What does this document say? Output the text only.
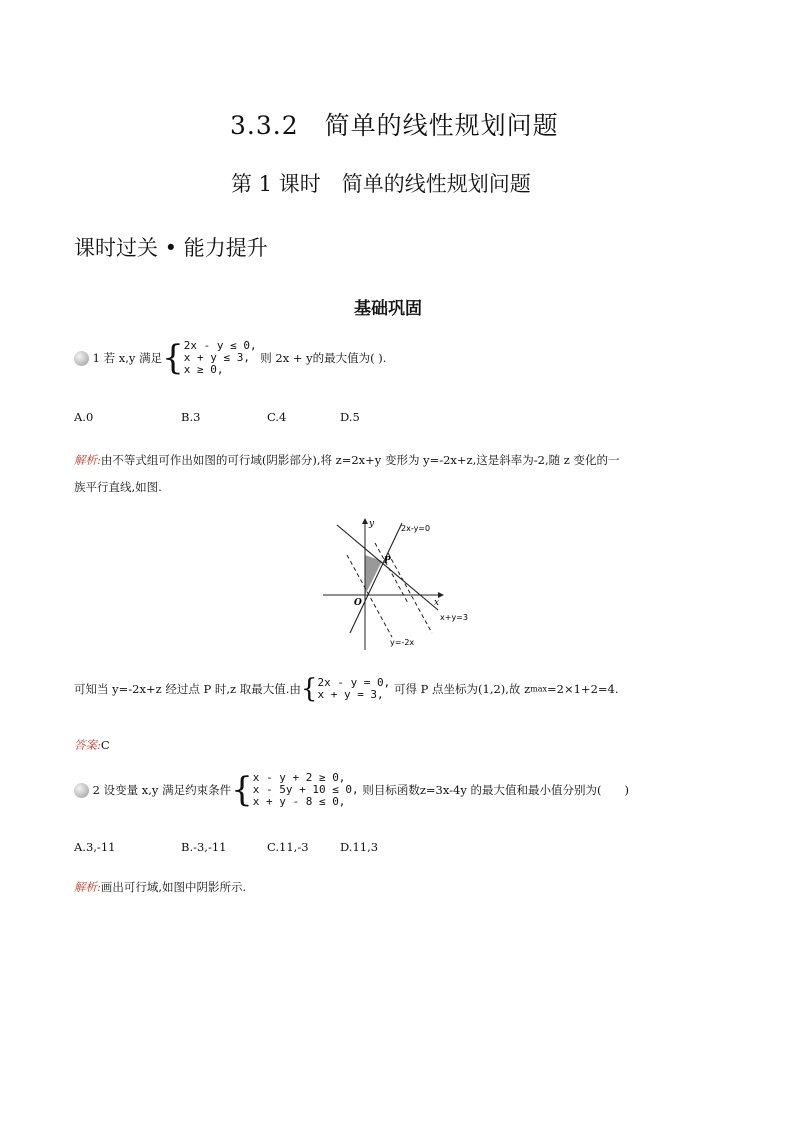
3.3.2　简单的线性规划问题
第 1 课时　简单的线性规划问题
课时过关 • 能力提升
基础巩固
1 若 x,y 满足{2x - y ≤ 0,
x + y ≤ 3,
x ≥ 0, 则 2x + y的最大值为( ).
A.0	B.3	C.4	D.5
解析:由不等式组可作出如图的可行域(阴影部分),将 z=2x+y 变形为 y=-2x+z,这是斜率为-2,随 z 变化的一
族平行直线,如图.
y
x
O
P
2x-y=0
x+y=3
y=-2x
可知当 y=-2x+z 经过点 P 时,z 取最大值.由{2x - y = 0,
x + y = 3, 可得 P 点坐标为(1,2),故 zmax=2×1+2=4.
答案:C
2 设变量 x,y 满足约束条件{x - y + 2 ≥ 0,
x - 5y + 10 ≤ 0,
x + y - 8 ≤ 0, 则目标函数z=3x-4y 的最大值和最小值分别为(　　)
A.3,-11	B.-3,-11	C.11,-3	D.11,3
解析:画出可行域,如图中阴影所示.
